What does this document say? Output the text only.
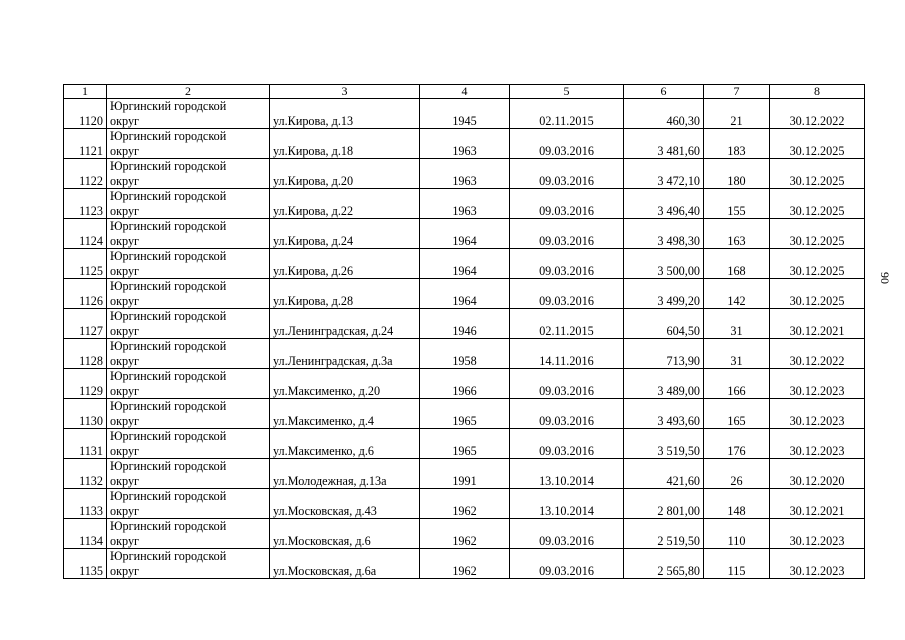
1	2	3	4	5	6	7	8
1120	Юргинский городской
округ	ул.Кирова, д.13	1945	02.11.2015	460,30	21	30.12.2022
1121	Юргинский городской
округ	ул.Кирова, д.18	1963	09.03.2016	3 481,60	183	30.12.2025
1122	Юргинский городской
округ	ул.Кирова, д.20	1963	09.03.2016	3 472,10	180	30.12.2025
1123	Юргинский городской
округ	ул.Кирова, д.22	1963	09.03.2016	3 496,40	155	30.12.2025
1124	Юргинский городской
округ	ул.Кирова, д.24	1964	09.03.2016	3 498,30	163	30.12.2025
1125	Юргинский городской
округ	ул.Кирова, д.26	1964	09.03.2016	3 500,00	168	30.12.2025
1126	Юргинский городской
округ	ул.Кирова, д.28	1964	09.03.2016	3 499,20	142	30.12.2025
1127	Юргинский городской
округ	ул.Ленинградская, д.24	1946	02.11.2015	604,50	31	30.12.2021
1128	Юргинский городской
округ	ул.Ленинградская, д.3а	1958	14.11.2016	713,90	31	30.12.2022
1129	Юргинский городской
округ	ул.Максименко, д.20	1966	09.03.2016	3 489,00	166	30.12.2023
1130	Юргинский городской
округ	ул.Максименко, д.4	1965	09.03.2016	3 493,60	165	30.12.2023
1131	Юргинский городской
округ	ул.Максименко, д.6	1965	09.03.2016	3 519,50	176	30.12.2023
1132	Юргинский городской
округ	ул.Молодежная, д.13а	1991	13.10.2014	421,60	26	30.12.2020
1133	Юргинский городской
округ	ул.Московская, д.43	1962	13.10.2014	2 801,00	148	30.12.2021
1134	Юргинский городской
округ	ул.Московская, д.6	1962	09.03.2016	2 519,50	110	30.12.2023
1135	Юргинский городской
округ	ул.Московская, д.6а	1962	09.03.2016	2 565,80	115	30.12.2023
90
